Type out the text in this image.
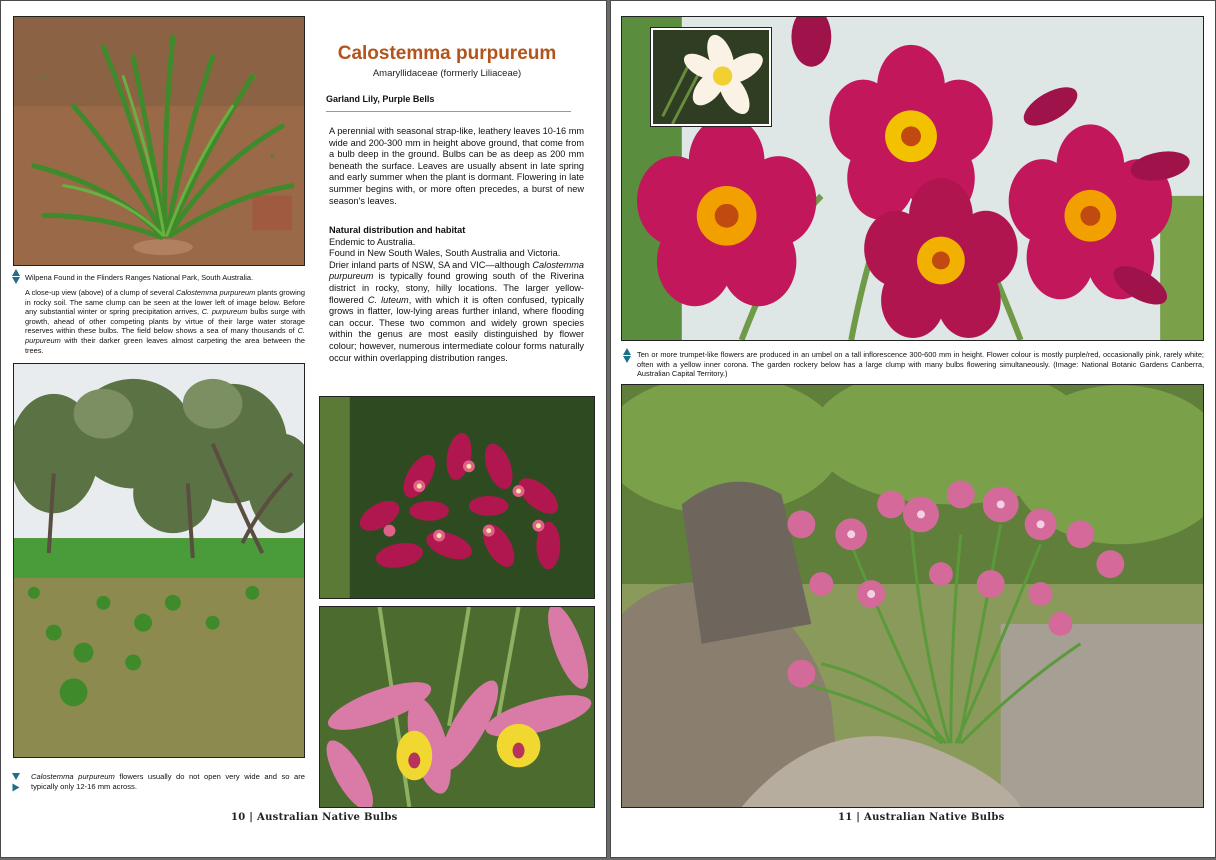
Wilpena Found in the Flinders Ranges National Park, South Australia.
A close-up view (above) of a clump of several Calostemma purpureum plants growing in rocky soil. The same clump can be seen at the lower left of image below. Before any substantial winter or spring precipitation arrives, C. purpureum bulbs surge with growth, ahead of other competing plants by virtue of their large water storage reserves within these bulbs. The field below shows a sea of many thousands of C. purpureum with their darker green leaves almost carpeting the area between the trees.
Calostemma purpureum flowers usually do not open very wide and so are typically only 12-16 mm across.
Calostemma purpureum
Amaryllidaceae (formerly Liliaceae)
Garland Lily, Purple Bells

A perennial with seasonal strap-like, leathery leaves 10-16 mm wide and 200-300 mm in height above ground, that come from a bulb deep in the ground. Bulbs can be as deep as 200 mm beneath the surface. Leaves are usually absent in late spring and early summer when the plant is dormant. Flowering in late summer begins with, or more often precedes, a burst of new season's leaves.

Natural distribution and habitat

Endemic to Australia.

Found in New South Wales, South Australia and Victoria.

Drier inland parts of NSW, SA and VIC—although Calostemma purpureum is typically found growing south of the Riverina district in rocky, stony, hilly locations. The larger yellow-flowered C. luteum, with which it is often confused, typically grows in flatter, low-lying areas further inland, where flooding can occur. These two common and widely grown species within the genus are most easily distinguished by flower colour; however, numerous intermediate colour forms naturally occur within overlapping distribution ranges.

10 | Australian Native Bulbs
Ten or more trumpet-like flowers are produced in an umbel on a tall inflorescence 300-600 mm in height. Flower colour is mostly purple/red, occasionally pink, rarely white; often with a yellow inner corona. The garden rockery below has a large clump with many bulbs flowering simultaneously. (Image: National Botanic Gardens Canberra, Australian Capital Territory.)
11 | Australian Native Bulbs
